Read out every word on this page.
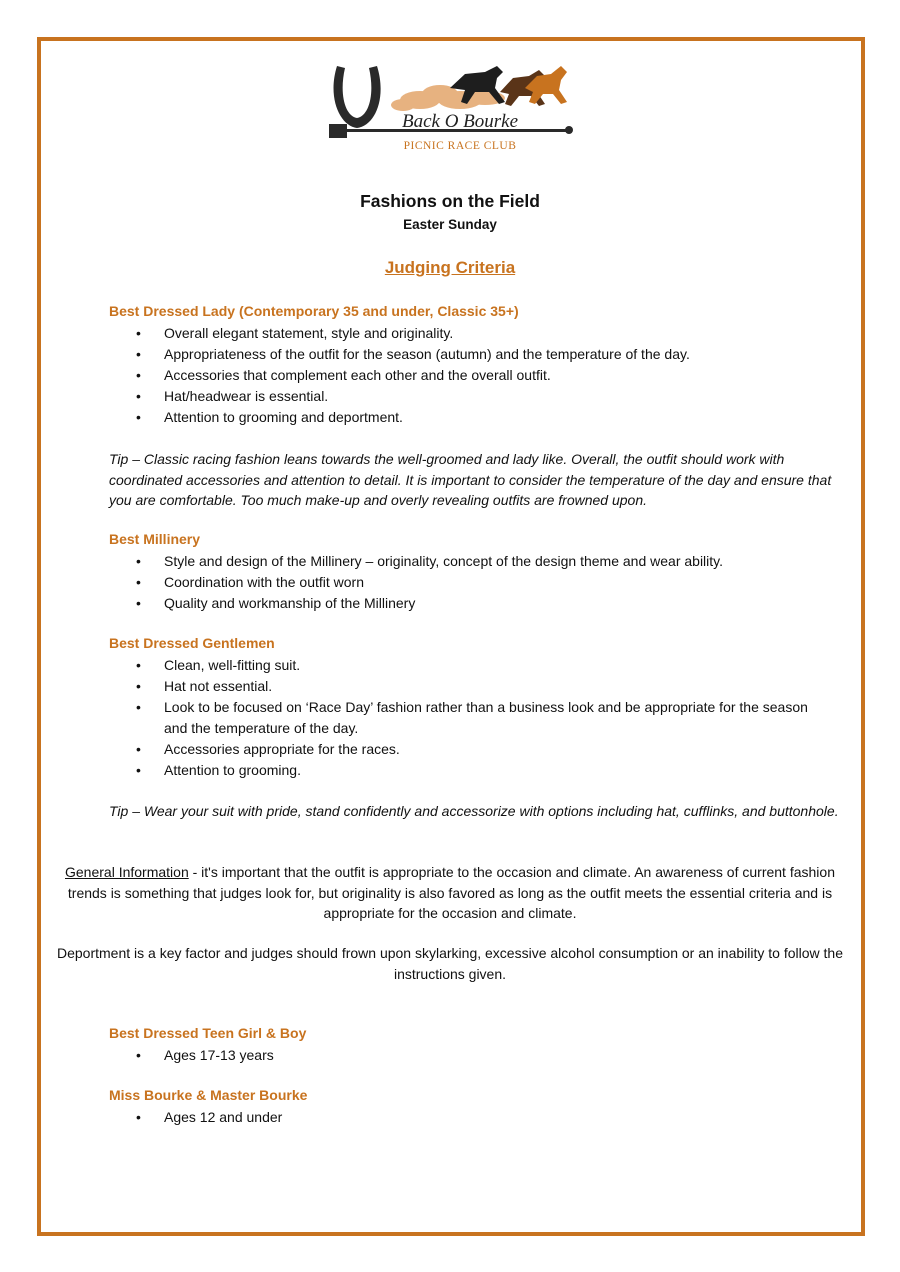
Back O Bourke
PICNIC RACE CLUB
Fashions on the Field
Easter Sunday
Judging Criteria
Best Dressed Lady (Contemporary 35 and under, Classic 35+)
• Overall elegant statement, style and originality.
• Appropriateness of the outfit for the season (autumn) and the temperature of the day.
• Accessories that complement each other and the overall outfit.
• Hat/headwear is essential.
• Attention to grooming and deportment.
Tip – Classic racing fashion leans towards the well-groomed and lady like. Overall, the outfit should work with coordinated accessories and attention to detail. It is important to consider the temperature of the day and ensure that you are comfortable. Too much make-up and overly revealing outfits are frowned upon.
Best Millinery
• Style and design of the Millinery – originality, concept of the design theme and wear ability.
• Coordination with the outfit worn
• Quality and workmanship of the Millinery
Best Dressed Gentlemen
• Clean, well-fitting suit.
• Hat not essential.
• Look to be focused on ‘Race Day’ fashion rather than a business look and be appropriate for the season and the temperature of the day.
• Accessories appropriate for the races.
• Attention to grooming.
Tip – Wear your suit with pride, stand confidently and accessorize with options including hat, cufflinks, and buttonhole.
General Information - it's important that the outfit is appropriate to the occasion and climate. An awareness of current fashion trends is something that judges look for, but originality is also favored as long as the outfit meets the essential criteria and is appropriate for the occasion and climate.
Deportment is a key factor and judges should frown upon skylarking, excessive alcohol consumption or an inability to follow the instructions given.
Best Dressed Teen Girl & Boy
• Ages 17-13 years
Miss Bourke & Master Bourke
• Ages 12 and under
